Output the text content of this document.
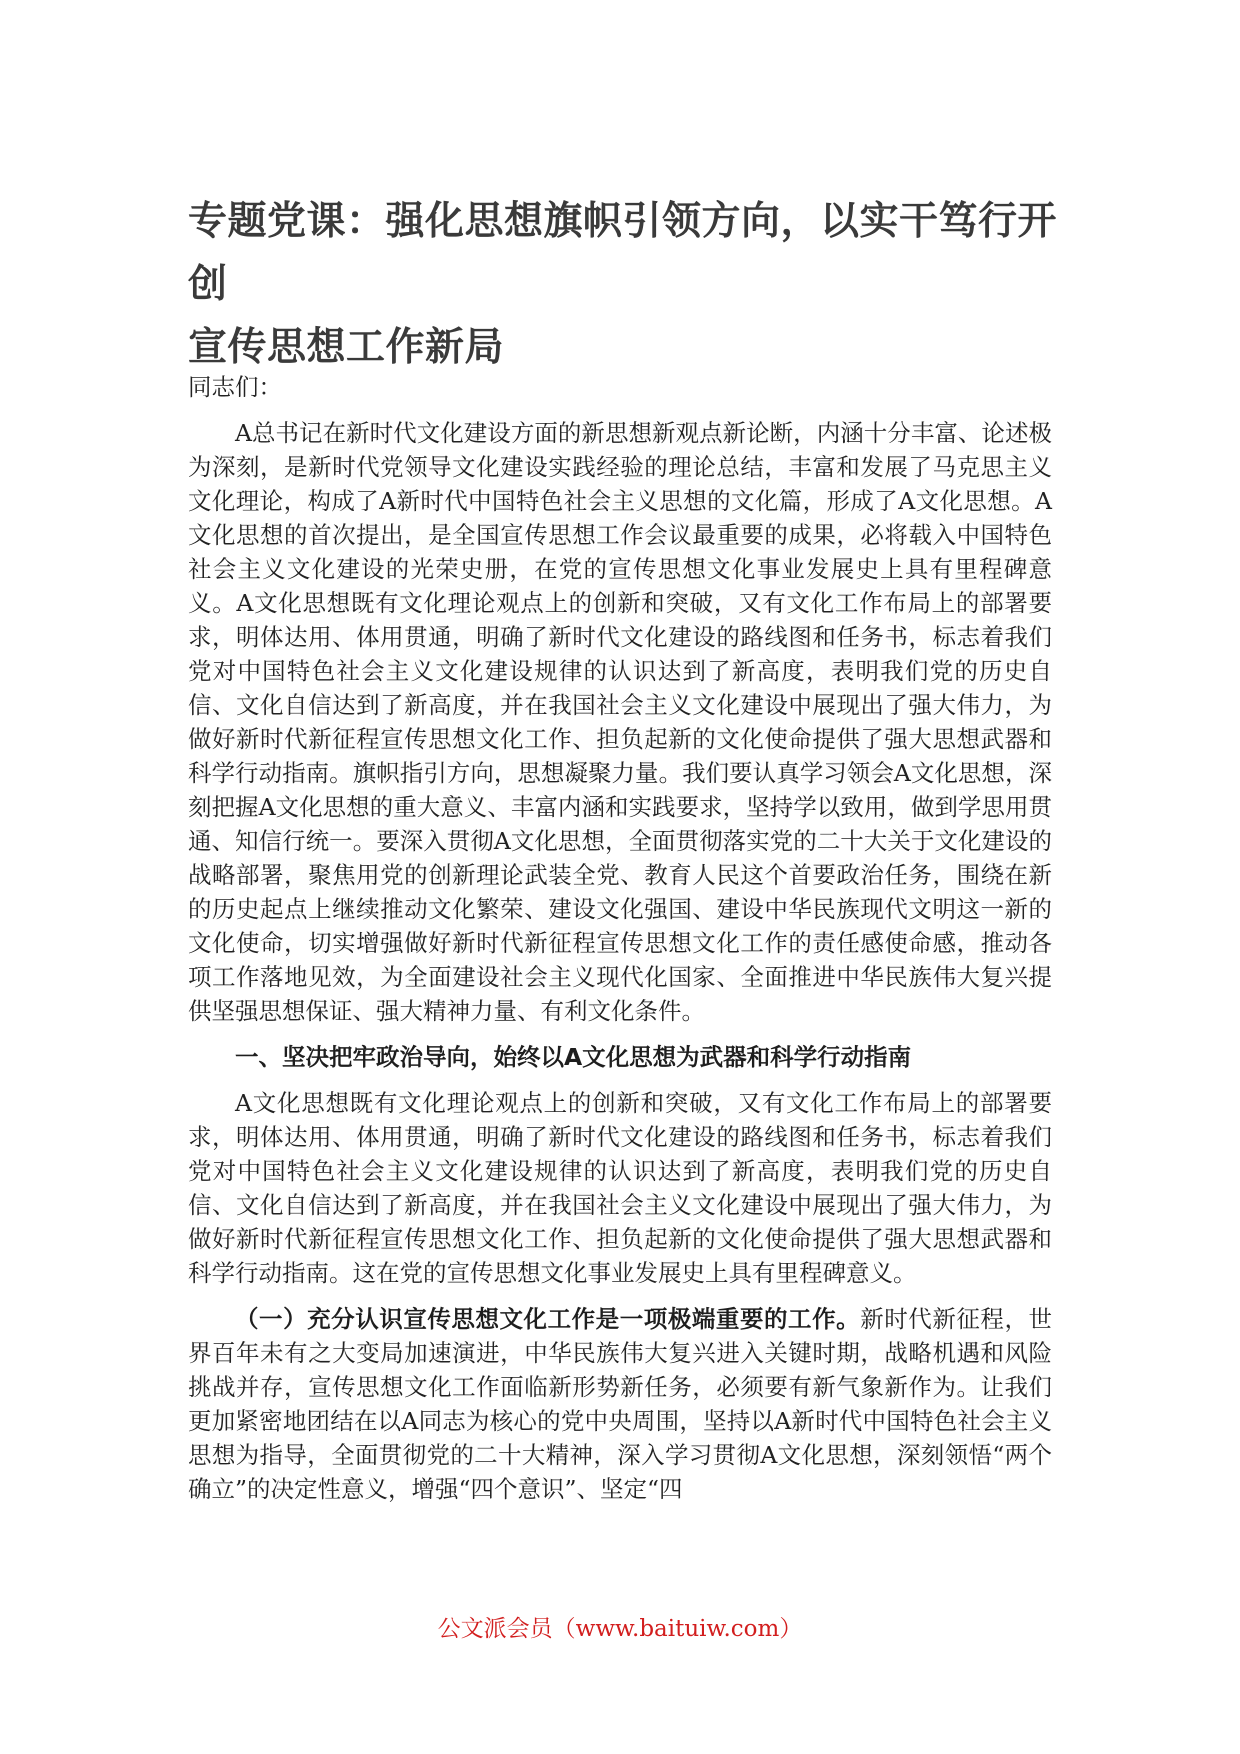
专题党课：强化思想旗帜引领方向，以实干笃行开创
宣传思想工作新局

同志们：

A总书记在新时代文化建设方面的新思想新观点新论断，内涵十分丰富、论述极为深刻，是新时代党领导文化建设实践经验的理论总结，丰富和发展了马克思主义文化理论，构成了A新时代中国特色社会主义思想的文化篇，形成了A文化思想。A文化思想的首次提出，是全国宣传思想工作会议最重要的成果，必将载入中国特色社会主义文化建设的光荣史册，在党的宣传思想文化事业发展史上具有里程碑意义。A文化思想既有文化理论观点上的创新和突破，又有文化工作布局上的部署要求，明体达用、体用贯通，明确了新时代文化建设的路线图和任务书，标志着我们党对中国特色社会主义文化建设规律的认识达到了新高度，表明我们党的历史自信、文化自信达到了新高度，并在我国社会主义文化建设中展现出了强大伟力，为做好新时代新征程宣传思想文化工作、担负起新的文化使命提供了强大思想武器和科学行动指南。旗帜指引方向，思想凝聚力量。我们要认真学习领会A文化思想，深刻把握A文化思想的重大意义、丰富内涵和实践要求，坚持学以致用，做到学思用贯通、知信行统一。要深入贯彻A文化思想，全面贯彻落实党的二十大关于文化建设的战略部署，聚焦用党的创新理论武装全党、教育人民这个首要政治任务，围绕在新的历史起点上继续推动文化繁荣、建设文化强国、建设中华民族现代文明这一新的文化使命，切实增强做好新时代新征程宣传思想文化工作的责任感使命感，推动各项工作落地见效，为全面建设社会主义现代化国家、全面推进中华民族伟大复兴提供坚强思想保证、强大精神力量、有利文化条件。

一、坚决把牢政治导向，始终以A文化思想为武器和科学行动指南

A文化思想既有文化理论观点上的创新和突破，又有文化工作布局上的部署要求，明体达用、体用贯通，明确了新时代文化建设的路线图和任务书，标志着我们党对中国特色社会主义文化建设规律的认识达到了新高度，表明我们党的历史自信、文化自信达到了新高度，并在我国社会主义文化建设中展现出了强大伟力，为做好新时代新征程宣传思想文化工作、担负起新的文化使命提供了强大思想武器和科学行动指南。这在党的宣传思想文化事业发展史上具有里程碑意义。

（一）充分认识宣传思想文化工作是一项极端重要的工作。新时代新征程，世界百年未有之大变局加速演进，中华民族伟大复兴进入关键时期，战略机遇和风险挑战并存，宣传思想文化工作面临新形势新任务，必须要有新气象新作为。让我们更加紧密地团结在以A同志为核心的党中央周围，坚持以A新时代中国特色社会主义思想为指导，全面贯彻党的二十大精神，深入学习贯彻A文化思想，深刻领悟“两个确立”的决定性意义，增强“四个意识”、坚定“四

公文派会员（www.baituiw.com）
